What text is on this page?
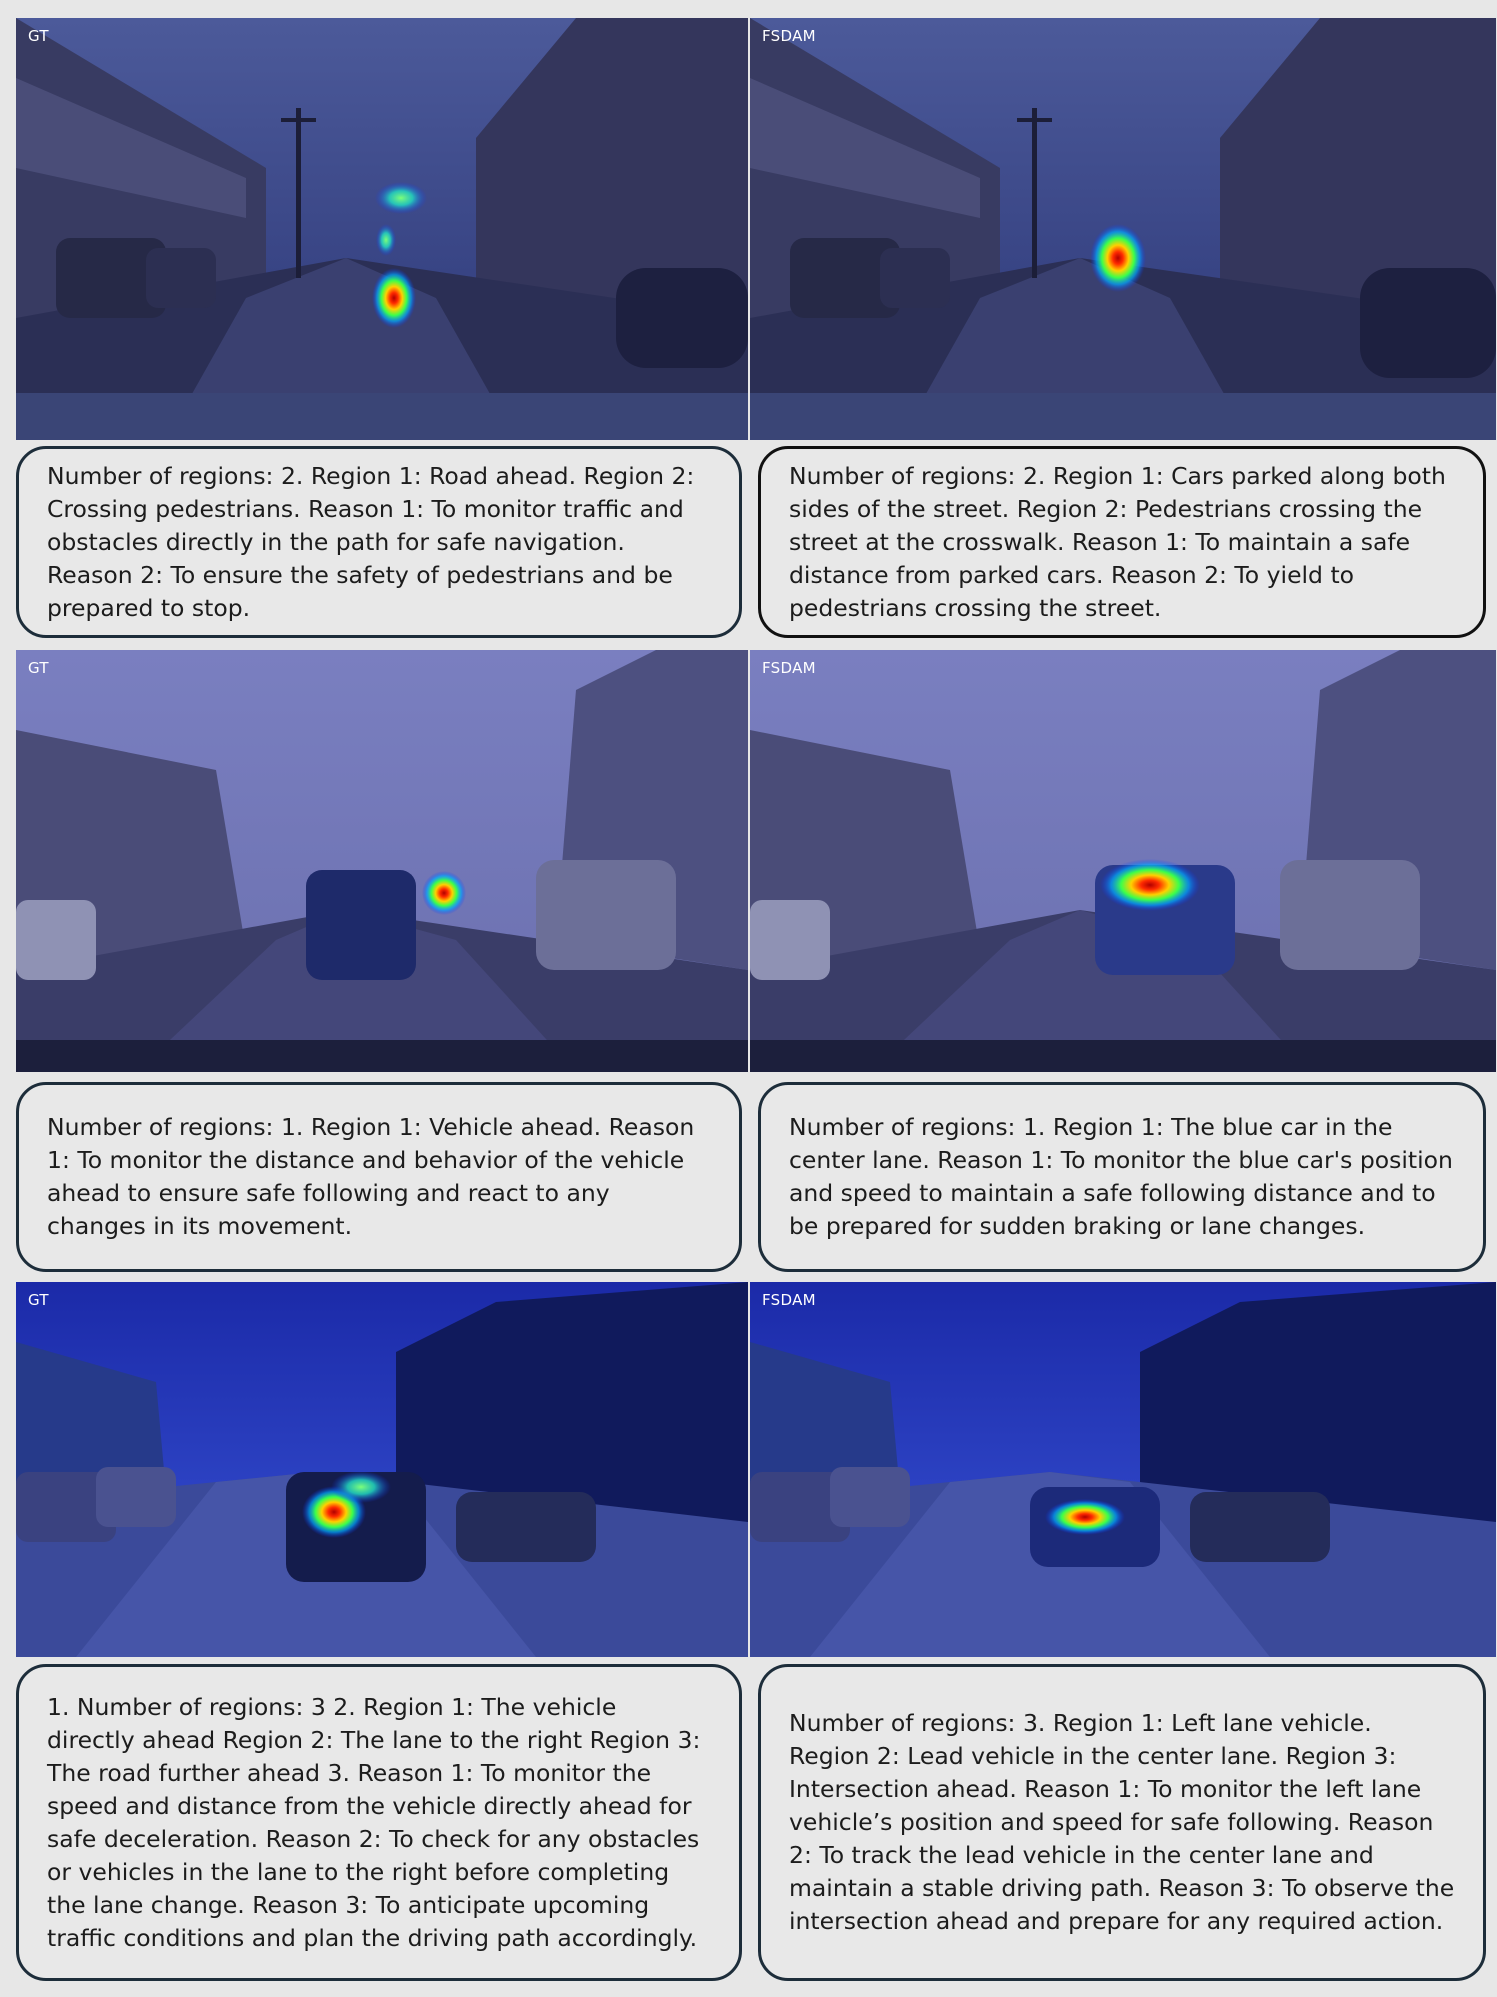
GT	FSDAM
Number of regions: 2. Region 1: Road ahead. Region 2: Crossing pedestrians. Reason 1: To monitor traffic and obstacles directly in the path for safe navigation. Reason 2: To ensure the safety of pedestrians and be prepared to stop.
Number of regions: 2. Region 1: Cars parked along both sides of the street. Region 2: Pedestrians crossing the street at the crosswalk. Reason 1: To maintain a safe distance from parked cars. Reason 2: To yield to pedestrians crossing the street.
GT	FSDAM
Number of regions: 1. Region 1: Vehicle ahead. Reason 1: To monitor the distance and behavior of the vehicle ahead to ensure safe following and react to any changes in its movement.
Number of regions: 1. Region 1: The blue car in the center lane. Reason 1: To monitor the blue car's position and speed to maintain a safe following distance and to be prepared for sudden braking or lane changes.
GT	FSDAM
1. Number of regions: 3 2. Region 1: The vehicle directly ahead Region 2: The lane to the right Region 3: The road further ahead 3. Reason 1: To monitor the speed and distance from the vehicle directly ahead for safe deceleration. Reason 2: To check for any obstacles or vehicles in the lane to the right before completing the lane change. Reason 3: To anticipate upcoming traffic conditions and plan the driving path accordingly.
Number of regions: 3. Region 1: Left lane vehicle. Region 2: Lead vehicle in the center lane. Region 3: Intersection ahead. Reason 1: To monitor the left lane vehicle’s position and speed for safe following. Reason 2: To track the lead vehicle in the center lane and maintain a stable driving path. Reason 3: To observe the intersection ahead and prepare for any required action.
